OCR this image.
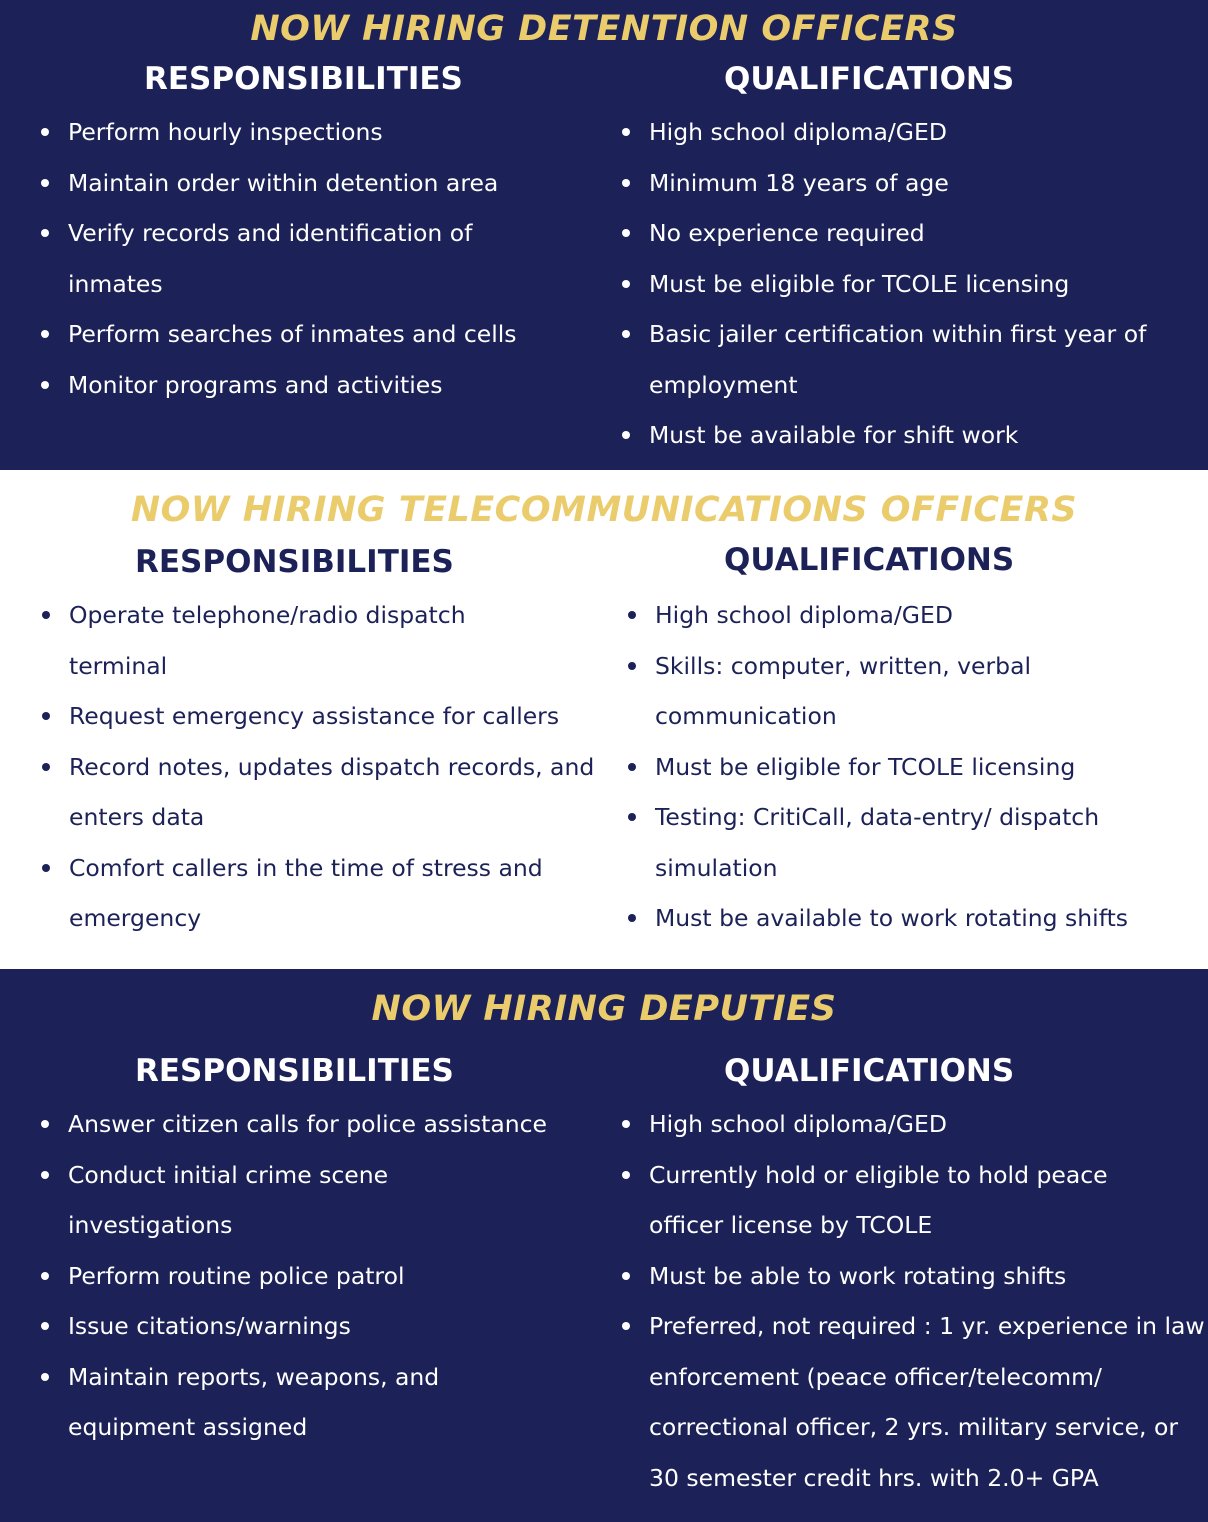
NOW HIRING DETENTION OFFICERS
RESPONSIBILITIES	QUALIFICATIONS
Perform hourly inspections
Maintain order within detention area
Verify records and identification of inmates
Perform searches of inmates and cells
Monitor programs and activities
High school diploma/GED
Minimum 18 years of age
No experience required
Must be eligible for TCOLE licensing
Basic jailer certification within first year of employment
Must be available for shift work
NOW HIRING TELECOMMUNICATIONS OFFICERS
RESPONSIBILITIES	QUALIFICATIONS
Operate telephone/radio dispatch terminal
Request emergency assistance for callers
Record notes, updates dispatch records, and enters data
Comfort callers in the time of stress and emergency
High school diploma/GED
Skills: computer, written, verbal communication
Must be eligible for TCOLE licensing
Testing: CritiCall, data-entry/ dispatch simulation
Must be available to work rotating shifts
NOW HIRING DEPUTIES
RESPONSIBILITIES	QUALIFICATIONS
Answer citizen calls for police assistance
Conduct initial crime scene investigations
Perform routine police patrol
Issue citations/warnings
Maintain reports, weapons, and equipment assigned
High school diploma/GED
Currently hold or eligible to hold peace officer license by TCOLE
Must be able to work rotating shifts
Preferred, not required : 1 yr. experience in law enforcement (peace officer/telecomm/ correctional officer, 2 yrs. military service, or 30 semester credit hrs. with 2.0+ GPA
